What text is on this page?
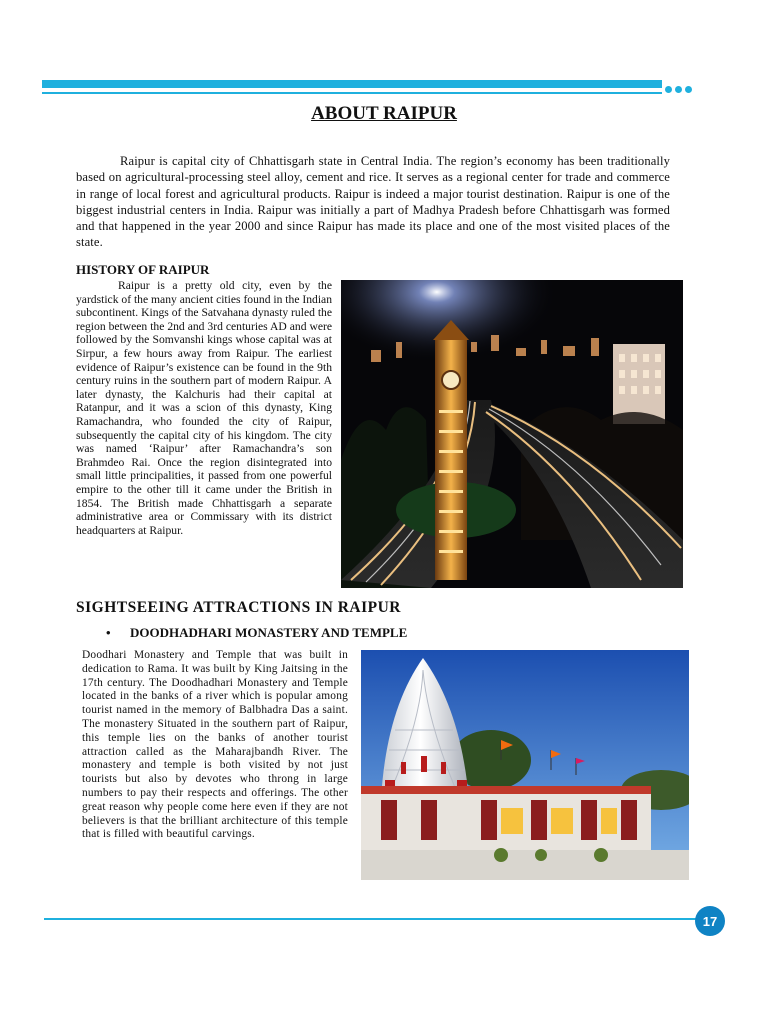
ABOUT RAIPUR

Raipur is capital city of Chhattisgarh state in Central India. The region’s economy has been traditionally based on agricultural-processing steel alloy, cement and rice. It serves as a regional center for trade and commerce in range of local forest and agricultural products. Raipur is indeed a major tourist destination. Raipur is one of the biggest industrial centers in India. Raipur was initially a part of Madhya Pradesh before Chhattisgarh was formed and that happened in the year 2000 and since Raipur has made its place and one of the most visited places of the state.

HISTORY OF RAIPUR

Raipur is a pretty old city, even by the yardstick of the many ancient cities found in the Indian subcontinent. Kings of the Satvahana dynasty ruled the region between the 2nd and 3rd centuries AD and were followed by the Somvanshi kings whose capital was at Sirpur, a few hours away from Raipur. The earliest evidence of Raipur’s existence can be found in the 9th century ruins in the southern part of modern Raipur. A later dynasty, the Kalchuris had their capital at Ratanpur, and it was a scion of this dynasty, King Ramachandra, who founded the city of Raipur, subsequently the capital city of his kingdom. The city was named ‘Raipur’ after Ramachandra’s son Brahmdeo Rai. Once the region disintegrated into small little principalities, it passed from one powerful empire to the other till it came under the British in 1854. The British made Chhattisgarh a separate administrative area or Commissary with its district headquarters at Raipur.

SIGHTSEEING ATTRACTIONS IN RAIPUR
•	DOODHADHARI MONASTERY AND TEMPLE

Doodhari Monastery and Temple that was built in dedication to Rama. It was built by King Jaitsing in the 17th century. The Doodhadhari Monastery and Temple located in the banks of a river which is popular among tourist named in the memory of Balbhadra Das a saint. The monastery Situated in the southern part of Raipur, this temple lies on the banks of another tourist attraction called as the Maharajbandh River. The monastery and temple is both visited by not just tourists but also by devotes who throng in large numbers to pay their respects and offerings. The other great reason why people come here even if they are not believers is that the brilliant architecture of this temple that is filled with beautiful carvings.

17
